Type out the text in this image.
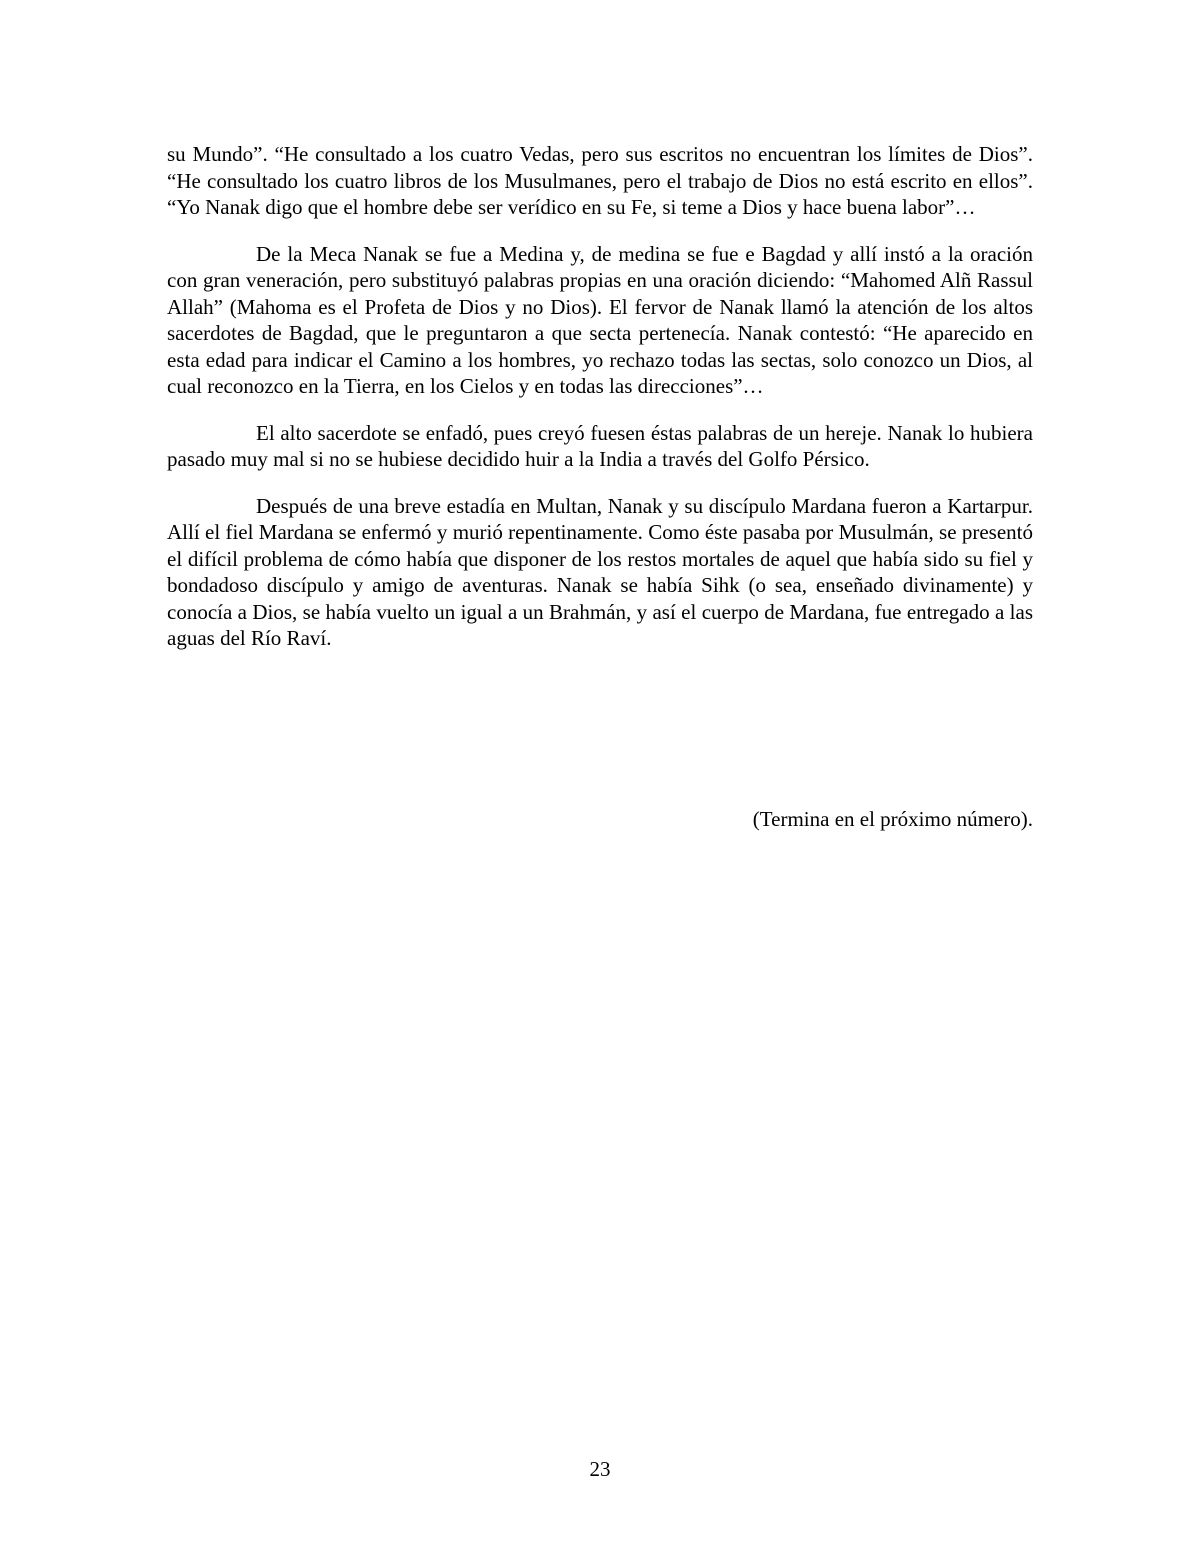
su Mundo”. “He consultado a los cuatro Vedas, pero sus escritos no encuentran los límites de Dios”. “He consultado los cuatro libros de los Musulmanes, pero el trabajo de Dios no está escrito en ellos”. “Yo Nanak digo que el hombre debe ser verídico en su Fe, si teme a Dios y hace buena labor”…

De la Meca Nanak se fue a Medina y, de medina se fue e Bagdad y allí instó a la oración con gran veneración, pero substituyó palabras propias en una oración diciendo: “Mahomed Alñ Rassul Allah” (Mahoma es el Profeta de Dios y no Dios). El fervor de Nanak llamó la atención de los altos sacerdotes de Bagdad, que le preguntaron a que secta pertenecía. Nanak contestó: “He aparecido en esta edad para indicar el Camino a los hombres, yo rechazo todas las sectas, solo conozco un Dios, al cual reconozco en la Tierra, en los Cielos y en todas las direcciones”…

El alto sacerdote se enfadó, pues creyó fuesen éstas palabras de un hereje. Nanak lo hubiera pasado muy mal si no se hubiese decidido huir a la India a través del Golfo Pérsico.

Después de una breve estadía en Multan, Nanak y su discípulo Mardana fueron a Kartarpur. Allí el fiel Mardana se enfermó y murió repentinamente. Como éste pasaba por Musulmán, se presentó el difícil problema de cómo había que disponer de los restos mortales de aquel que había sido su fiel y bondadoso discípulo y amigo de aventuras. Nanak se había Sihk (o sea, enseñado divinamente) y conocía a Dios, se había vuelto un igual a un Brahmán, y así el cuerpo de Mardana, fue entregado a las aguas del Río Raví.

(Termina en el próximo número).

23
